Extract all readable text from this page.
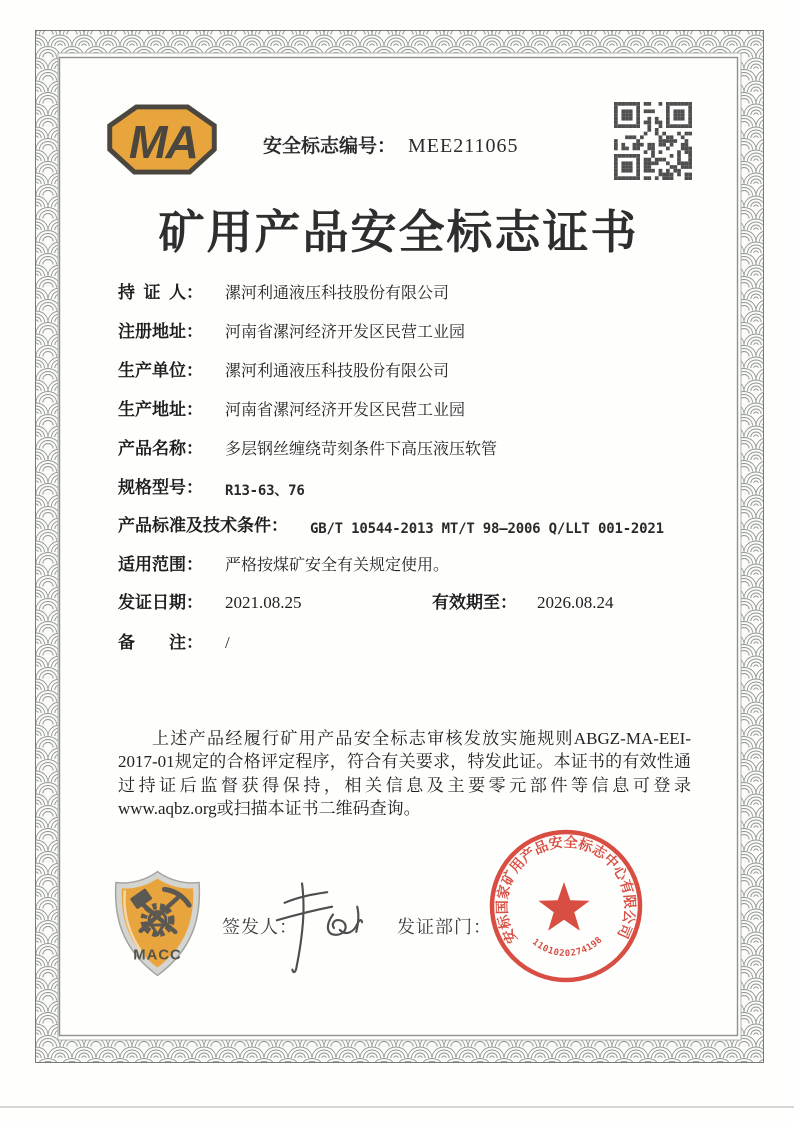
MA	安全标志编号： MEE211065
矿用产品安全标志证书
持证人： 漯河利通液压科技股份有限公司
注册地址： 河南省漯河经济开发区民营工业园
生产单位： 漯河利通液压科技股份有限公司
生产地址： 河南省漯河经济开发区民营工业园
产品名称： 多层钢丝缠绕苛刻条件下高压液压软管
规格型号： R13-63、76
产品标准及技术条件： GB/T 10544-2013 MT/T 98—2006 Q/LLT 001-2021
适用范围： 严格按煤矿安全有关规定使用。
发证日期： 2021.08.25	有效期至： 2026.08.24
备注： /
上述产品经履行矿用产品安全标志审核发放实施规则ABGZ-MA-EEI-2017-01规定的合格评定程序，符合有关要求，特发此证。本证书的有效性通过持证后监督获得保持，相关信息及主要零元部件等信息可登录www.aqbz.org或扫描本证书二维码查询。
MACC
签发人：	发证部门： 安标国家矿用产品安全标志中心有限公司
1101020274198
